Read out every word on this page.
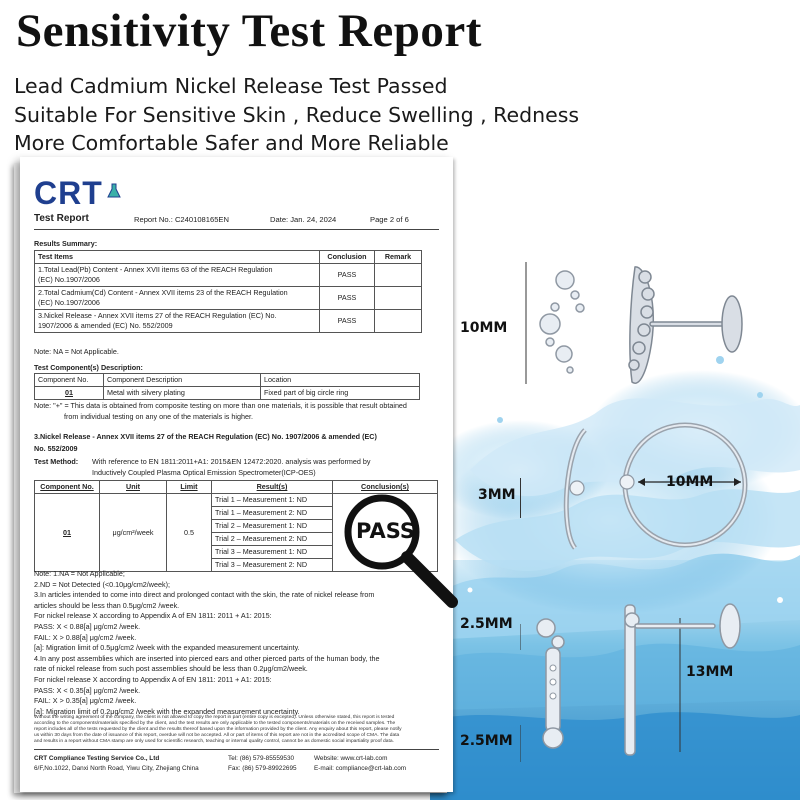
Sensitivity Test Report
Lead Cadmium Nickel Release Test Passed
Suitable For Sensitive Skin , Reduce Swelling , Redness
More Comfortable Safer and More Reliable
CRT
Test Report	Report No.: C240108165EN	Date: Jan. 24, 2024	Page 2 of 6
Results Summary:
Test Items	Conclusion	Remark

1.Total Lead(Pb) Content - Annex XVII items 63 of the REACH Regulation
(EC) No.1907/2006	PASS	

2.Total Cadmium(Cd) Content - Annex XVII items 23 of the REACH Regulation
(EC) No.1907/2006	PASS	

3.Nickel Release - Annex XVII items 27 of the REACH Regulation (EC) No.
1907/2006 & amended (EC) No. 552/2009	PASS	
Note: NA = Not Applicable.
Test Component(s) Description:
Component No.	Component Description	Location
01	Metal with silvery plating	Fixed part of big circle ring
Note: "+" = This data is obtained from composite testing on more than one materials, it is possible that result obtained
from individual testing on any one of the materials is higher.
3.Nickel Release - Annex XVII items 27 of the REACH Regulation (EC) No. 1907/2006 & amended (EC)
No. 552/2009
Test Method: With reference to EN 1811:2011+A1: 2015&EN 12472:2020. analysis was performed by
Inductively Coupled Plasma Optical Emission Spectrometer(ICP-OES)
Component No.	Unit	Limit	Result(s)	Conclusion(s)
01	μg/cm²/week	0.5	Trial 1 – Measurement 1: ND	
			Trial 1 – Measurement 2: ND	
			Trial 2 – Measurement 1: ND	
			Trial 2 – Measurement 2: ND	
			Trial 3 – Measurement 1: ND	
			Trial 3 – Measurement 2: ND	
Note: 1.NA = Not Applicable;
2.ND = Not Detected (<0.10μg/cm2/week);
3.In articles intended to come into direct and prolonged contact with the skin, the rate of nickel release from
articles should be less than 0.5μg/cm2 /week.
For nickel release X according to Appendix A of EN 1811: 2011 + A1: 2015:
PASS: X < 0.88[a] μg/cm2 /week.
FAIL: X > 0.88[a] μg/cm2 /week.
[a]: Migration limit of 0.5μg/cm2 /week with the expanded measurement uncertainty.
4.In any post assemblies which are inserted into pierced ears and other pierced parts of the human body, the
rate of nickel release from such post assemblies should be less than 0.2μg/cm2/week.
For nickel release X according to Appendix A of EN 1811: 2011 + A1: 2015:
PASS: X < 0.35[a] μg/cm2 /week.
FAIL: X > 0.35[a] μg/cm2 /week.
[a]: Migration limit of 0.2μg/cm2 /week with the expanded measurement uncertainty.
Without the writing agreement of the company, the client is not allowed to copy the report in part (entire copy is excepted). Unless otherwise stated, this report is tested
according to the components/materials specified by the client, and the test results are only applicable to the tested components/materials on the received samples. The
report includes all of the tests requested by the client and the results thereof based upon the information provided by the client. Any enquiry about this report, please notify
us within 30 days from the date of issuance of this report, overdue will not be accepted. All or part of items of this report are not in the accredited scope of CMA. The data
and results in a report without CMA stamp are only used for scientific research, teaching or internal quality control, cannot be as domestic social impartiality proof data.
CRT Compliance Testing Service Co., Ltd
6/F,No.1022, Danxi North Road, Yiwu City, Zhejiang China
Tel: (86) 579-85559530
Fax: (86) 579-89922695
Website: www.crt-lab.com
E-mail: compliance@crt-lab.com
PASS
10MM
10MM
3MM
2.5MM
13MM
2.5MM
